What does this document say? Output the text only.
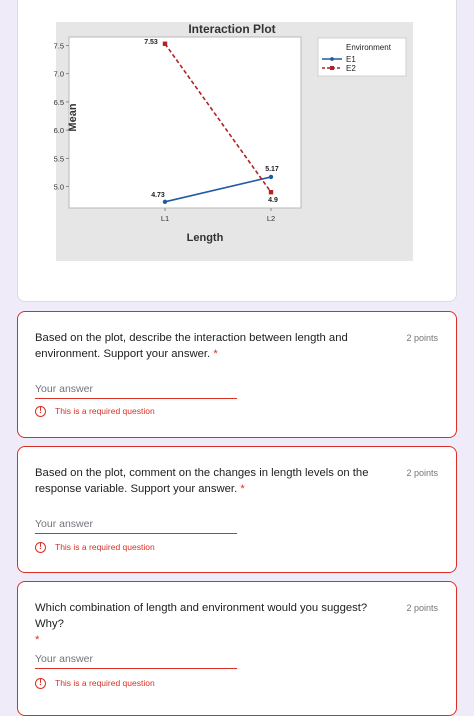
Interaction Plot
Length
Mean
7.5
7.0
6.5
6.0
5.5
5.0
L1	L2
4.73
5.17
7.53
4.9
Environment
E1
E2
Based on the plot, describe the interaction between length and environment. Support your answer. *
2 points
Your answer
!	This is a required question
Based on the plot, comment on the changes in length levels on the response variable. Support your answer. *
2 points
Your answer
!	This is a required question
Which combination of length and environment would you suggest? Why?
*
2 points
Your answer
!	This is a required question
